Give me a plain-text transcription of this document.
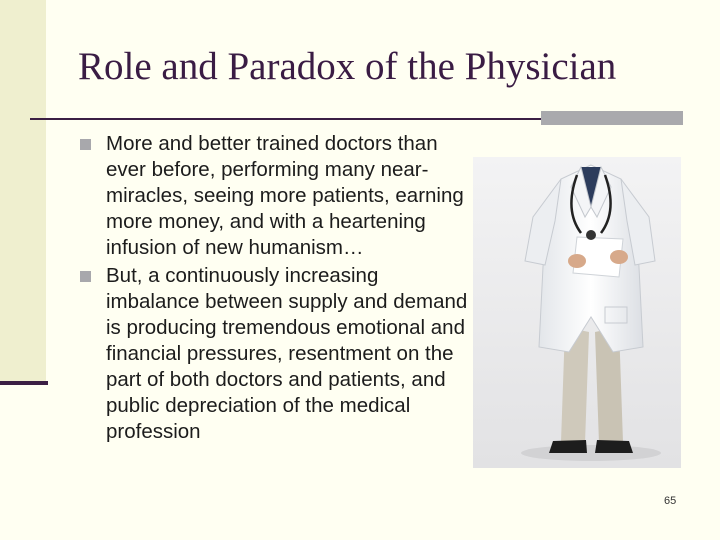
Role and Paradox of the Physician
More and better trained doctors than ever before, performing many near-miracles, seeing more patients, earning more money, and with a heartening infusion of new humanism…
But, a continuously increasing imbalance between supply and demand is producing tremendous emotional and financial pressures, resentment on the part of both doctors and patients, and public depreciation of the medical profession
65
